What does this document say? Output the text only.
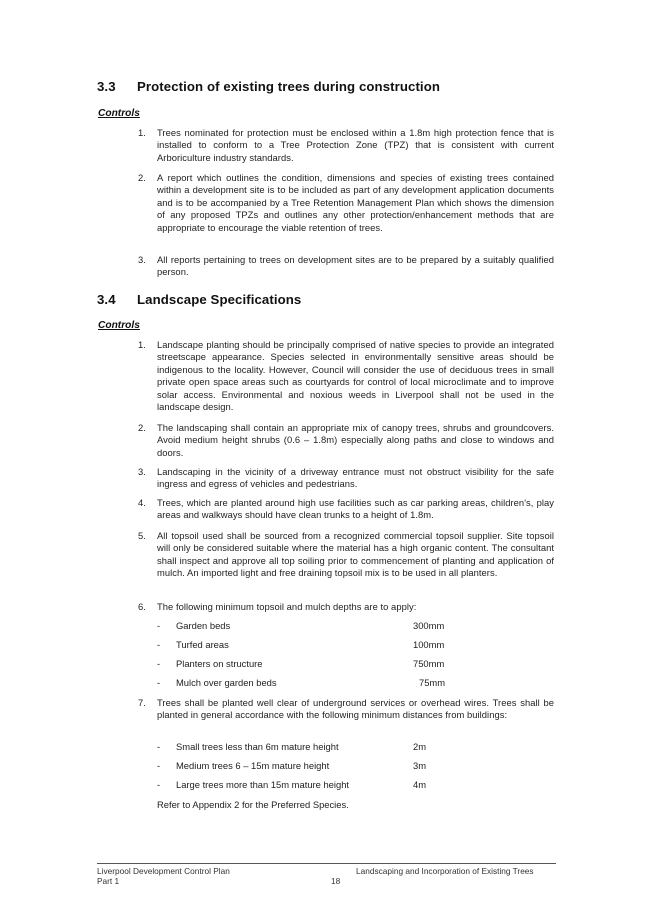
3.3 Protection of existing trees during construction
Controls
1. Trees nominated for protection must be enclosed within a 1.8m high protection fence that is installed to conform to a Tree Protection Zone (TPZ) that is consistent with current Arboriculture industry standards.

2. A report which outlines the condition, dimensions and species of existing trees contained within a development site is to be included as part of any development application documents and is to be accompanied by a Tree Retention Management Plan which shows the dimension of any proposed TPZs and outlines any other protection/enhancement methods that are appropriate to encourage the viable retention of trees.

3. All reports pertaining to trees on development sites are to be prepared by a suitably qualified person.

3.4 Landscape Specifications
Controls
1. Landscape planting should be principally comprised of native species to provide an integrated streetscape appearance. Species selected in environmentally sensitive areas should be indigenous to the locality. However, Council will consider the use of deciduous trees in small private open space areas such as courtyards for control of local microclimate and to improve solar access. Environmental and noxious weeds in Liverpool shall not be used in the landscape design.

2. The landscaping shall contain an appropriate mix of canopy trees, shrubs and groundcovers. Avoid medium height shrubs (0.6 – 1.8m) especially along paths and close to windows and doors.

3. Landscaping in the vicinity of a driveway entrance must not obstruct visibility for the safe ingress and egress of vehicles and pedestrians.

4. Trees, which are planted around high use facilities such as car parking areas, children's, play areas and walkways should have clean trunks to a height of 1.8m.

5. All topsoil used shall be sourced from a recognized commercial topsoil supplier. Site topsoil will only be considered suitable where the material has a high organic content. The consultant shall inspect and approve all top soiling prior to commencement of planting and application of mulch. An imported light and free draining topsoil mix is to be used in all planters.

6. The following minimum topsoil and mulch depths are to apply:

- Garden beds	300mm
- Turfed areas	100mm
- Planters on structure	750mm
- Mulch over garden beds	75mm
7. Trees shall be planted well clear of underground services or overhead wires. Trees shall be planted in general accordance with the following minimum distances from buildings:

- Small trees less than 6m mature height	2m
- Medium trees 6 – 15m mature height	3m
- Large trees more than 15m mature height	4m
Refer to Appendix 2 for the Preferred Species.
Liverpool Development Control Plan
Part 1
Landscaping and Incorporation of Existing Trees
18
